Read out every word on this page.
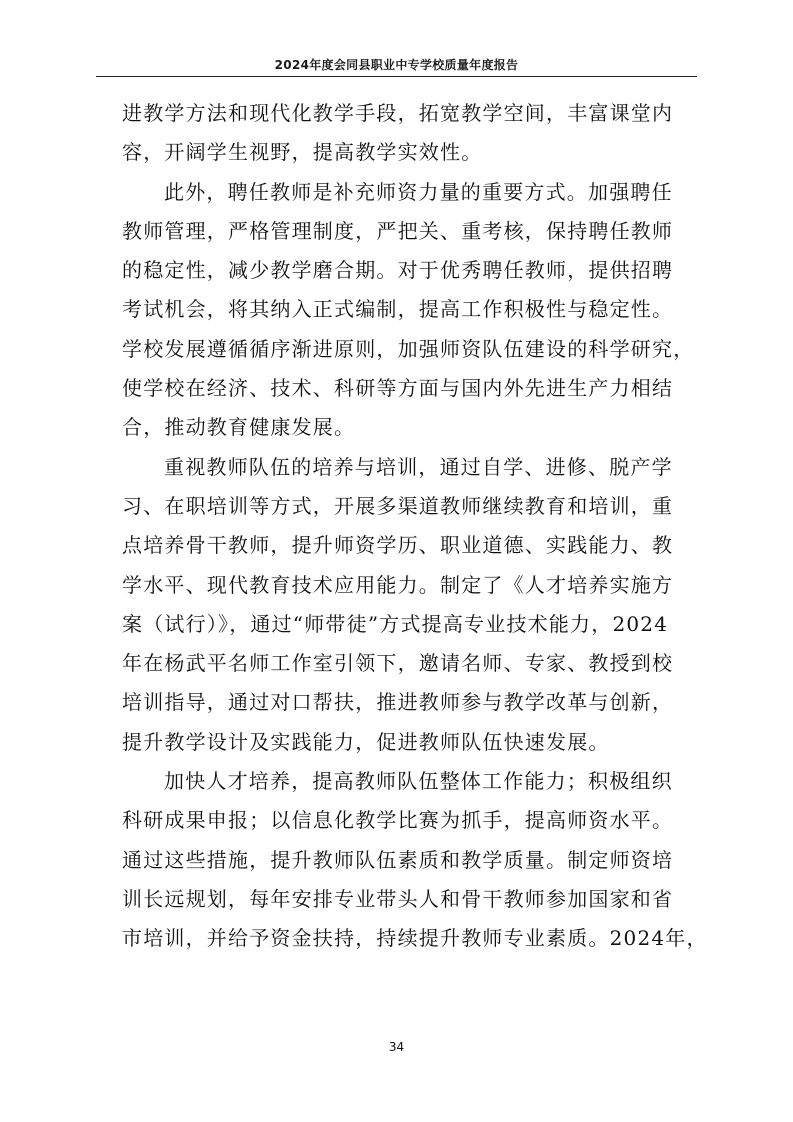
2024年度会同县职业中专学校质量年度报告
进教学方法和现代化教学手段，拓宽教学空间，丰富课堂内
容，开阔学生视野，提高教学实效性。
此外，聘任教师是补充师资力量的重要方式。加强聘任
教师管理，严格管理制度，严把关、重考核，保持聘任教师
的稳定性，减少教学磨合期。对于优秀聘任教师，提供招聘
考试机会，将其纳入正式编制，提高工作积极性与稳定性。
学校发展遵循循序渐进原则，加强师资队伍建设的科学研究，
使学校在经济、技术、科研等方面与国内外先进生产力相结
合，推动教育健康发展。
重视教师队伍的培养与培训，通过自学、进修、脱产学
习、在职培训等方式，开展多渠道教师继续教育和培训，重
点培养骨干教师，提升师资学历、职业道德、实践能力、教
学水平、现代教育技术应用能力。制定了《人才培养实施方
案（试行）》，通过“师带徒”方式提高专业技术能力，2024
年在杨武平名师工作室引领下，邀请名师、专家、教授到校
培训指导，通过对口帮扶，推进教师参与教学改革与创新，
提升教学设计及实践能力，促进教师队伍快速发展。
加快人才培养，提高教师队伍整体工作能力；积极组织
科研成果申报；以信息化教学比赛为抓手，提高师资水平。
通过这些措施，提升教师队伍素质和教学质量。制定师资培
训长远规划，每年安排专业带头人和骨干教师参加国家和省
市培训，并给予资金扶持，持续提升教师专业素质。2024年，
34
